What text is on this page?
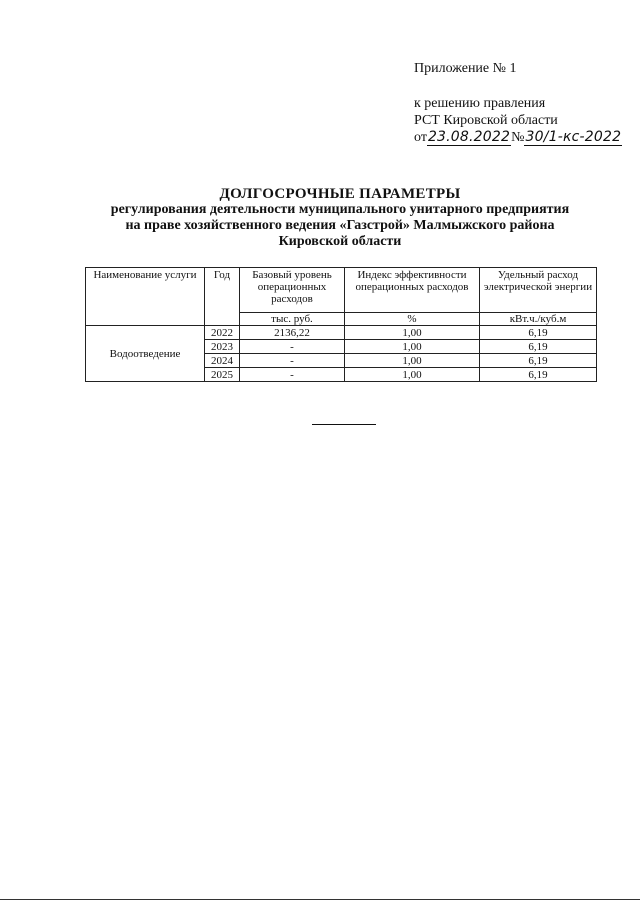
Приложение № 1
к решению правления
РСТ Кировской области
от23.08.2022№30/1-кс-2022
ДОЛГОСРОЧНЫЕ ПАРАМЕТРЫ
регулирования деятельности муниципального унитарного предприятия
на праве хозяйственного ведения «Газстрой» Малмыжского района
Кировской области
Наименование услуги	Год	Базовый уровень операционных расходов	Индекс эффективности операционных расходов	Удельный расход электрической энергии
		тыс. руб.	%	кВт.ч./куб.м
Водоотведение	2022	2136,22	1,00	6,19
	2023	-	1,00	6,19
	2024	-	1,00	6,19
	2025	-	1,00	6,19
